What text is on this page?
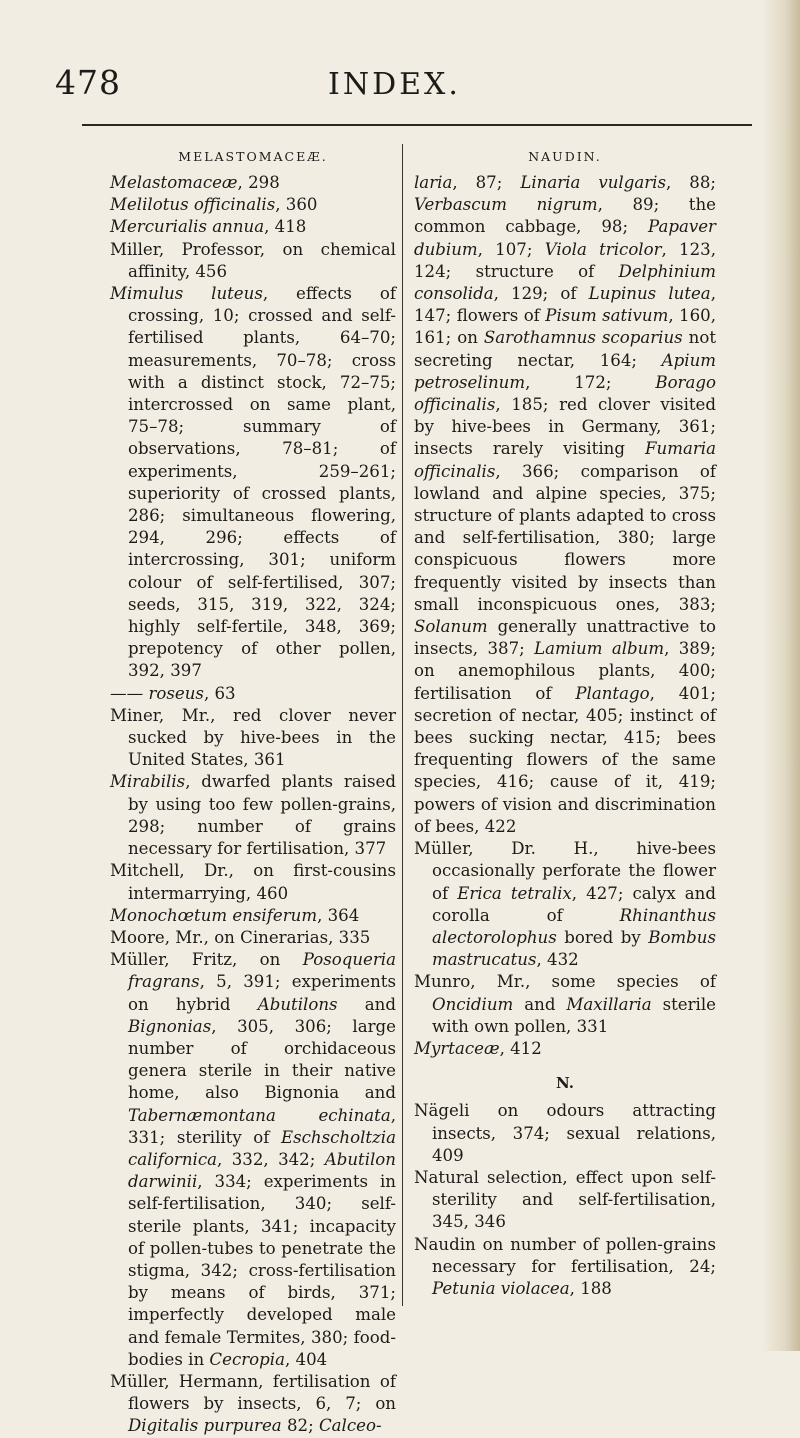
478	INDEX.
MELASTOMACEÆ.
Melastomaceæ, 298
Melilotus officinalis, 360
Mercurialis annua, 418
Miller, Professor, on chemical affinity, 456
Mimulus luteus, effects of crossing, 10; crossed and self-fertilised plants, 64–70; measurements, 70–78; cross with a distinct stock, 72–75; intercrossed on same plant, 75–78; summary of observations, 78–81; of experiments, 259–261; superiority of crossed plants, 286; simultaneous flowering, 294, 296; effects of intercrossing, 301; uniform colour of self-fertilised, 307; seeds, 315, 319, 322, 324; highly self-fertile, 348, 369; prepotency of other pollen, 392, 397
—— roseus, 63
Miner, Mr., red clover never sucked by hive-bees in the United States, 361
Mirabilis, dwarfed plants raised by using too few pollen-grains, 298; number of grains necessary for fertilisation, 377
Mitchell, Dr., on first-cousins intermarrying, 460
Monochœtum ensiferum, 364
Moore, Mr., on Cinerarias, 335
Müller, Fritz, on Posoqueria fragrans, 5, 391; experiments on hybrid Abutilons and Bignonias, 305, 306; large number of orchidaceous genera sterile in their native home, also Bignonia and Tabernæmontana echinata, 331; sterility of Eschscholtzia californica, 332, 342; Abutilon darwinii, 334; experiments in self-fertilisation, 340; self-sterile plants, 341; incapacity of pollen-tubes to penetrate the stigma, 342; cross-fertilisation by means of birds, 371; imperfectly developed male and female Termites, 380; food-bodies in Cecropia, 404
Müller, Hermann, fertilisation of flowers by insects, 6, 7; on Digitalis purpurea 82; Calceo-
NAUDIN.
laria, 87; Linaria vulgaris, 88; Verbascum nigrum, 89; the common cabbage, 98; Papaver dubium, 107; Viola tricolor, 123, 124; structure of Delphinium consolida, 129; of Lupinus lutea, 147; flowers of Pisum sativum, 160, 161; on Sarothamnus scoparius not secreting nectar, 164; Apium petroselinum, 172; Borago officinalis, 185; red clover visited by hive-bees in Germany, 361; insects rarely visiting Fumaria officinalis, 366; comparison of lowland and alpine species, 375; structure of plants adapted to cross and self-fertilisation, 380; large conspicuous flowers more frequently visited by insects than small inconspicuous ones, 383; Solanum generally unattractive to insects, 387; Lamium album, 389; on anemophilous plants, 400; fertilisation of Plantago, 401; secretion of nectar, 405; instinct of bees sucking nectar, 415; bees frequenting flowers of the same species, 416; cause of it, 419; powers of vision and discrimination of bees, 422
Müller, Dr. H., hive-bees occasionally perforate the flower of Erica tetralix, 427; calyx and corolla of Rhinanthus alectorolophus bored by Bombus mastrucatus, 432
Munro, Mr., some species of Oncidium and Maxillaria sterile with own pollen, 331
Myrtaceæ, 412
N.
Nägeli on odours attracting insects, 374; sexual relations, 409
Natural selection, effect upon self-sterility and self-fertilisation, 345, 346
Naudin on number of pollen-grains necessary for fertilisation, 24; Petunia violacea, 188
